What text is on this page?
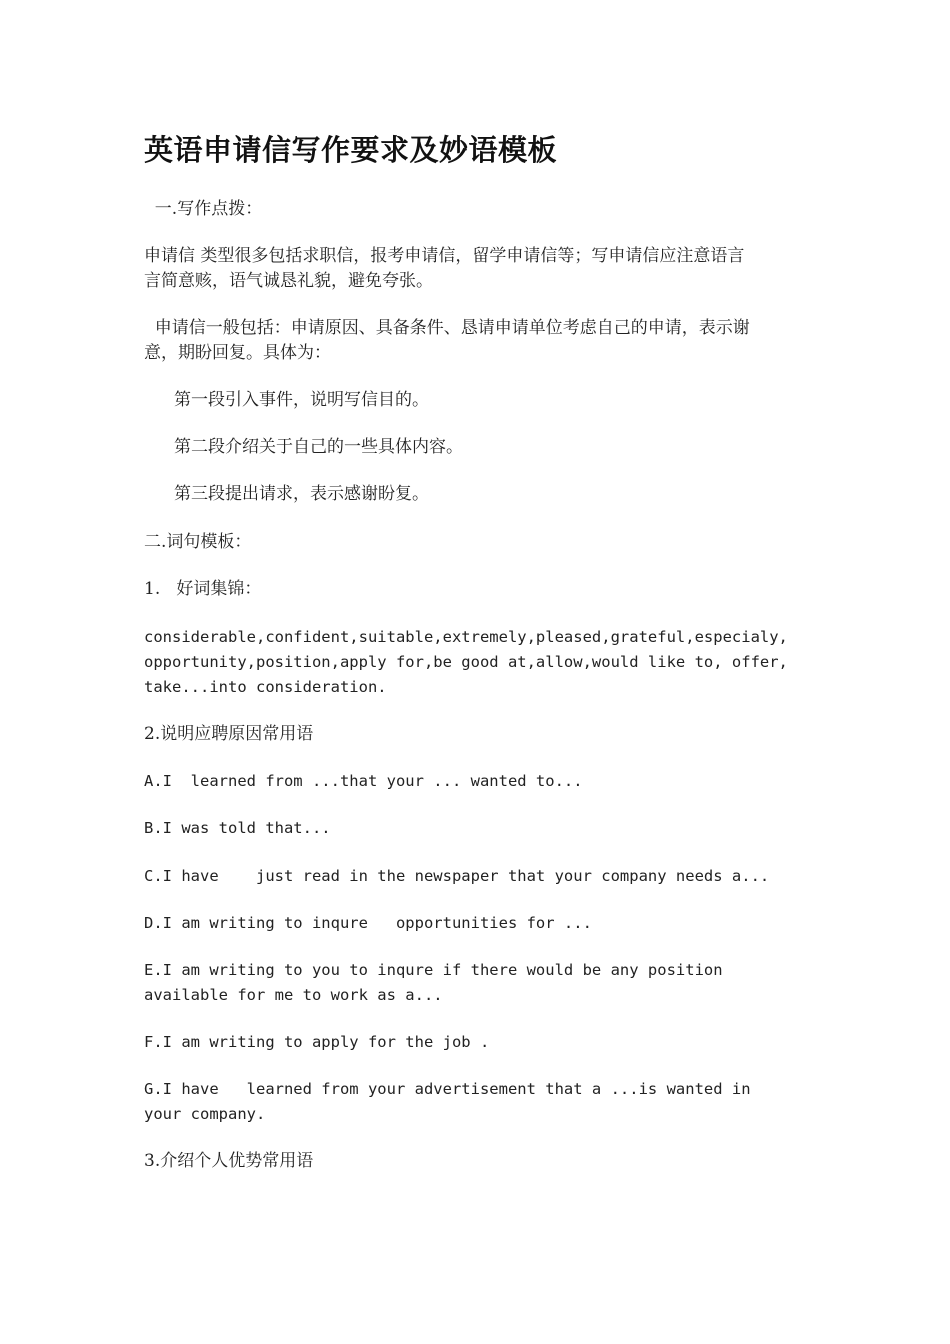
英语申请信写作要求及妙语模板

一.写作点拨：

申请信 类型很多包括求职信，报考申请信，留学申请信等；写申请信应注意语言

言简意赅，语气诚恳礼貌，避免夸张。

申请信一般包括：申请原因、具备条件、恳请申请单位考虑自己的申请，表示谢

意，期盼回复。具体为：

第一段引入事件，说明写信目的。

第二段介绍关于自己的一些具体内容。

第三段提出请求，表示感谢盼复。

二.词句模板：

1.   好词集锦：

considerable,confident,suitable,extremely,pleased,grateful,especialy,

opportunity,position,apply for,be good at,allow,would like to, offer,

take...into consideration.

2.说明应聘原因常用语

A.I  learned from ...that your ... wanted to...

B.I was told that...

C.I have    just read in the newspaper that your company needs a...

D.I am writing to inqure   opportunities for ...

E.I am writing to you to inqure if there would be any position

available for me to work as a...

F.I am writing to apply for the job .

G.I have   learned from your advertisement that a ...is wanted in

your company.

3.介绍个人优势常用语
